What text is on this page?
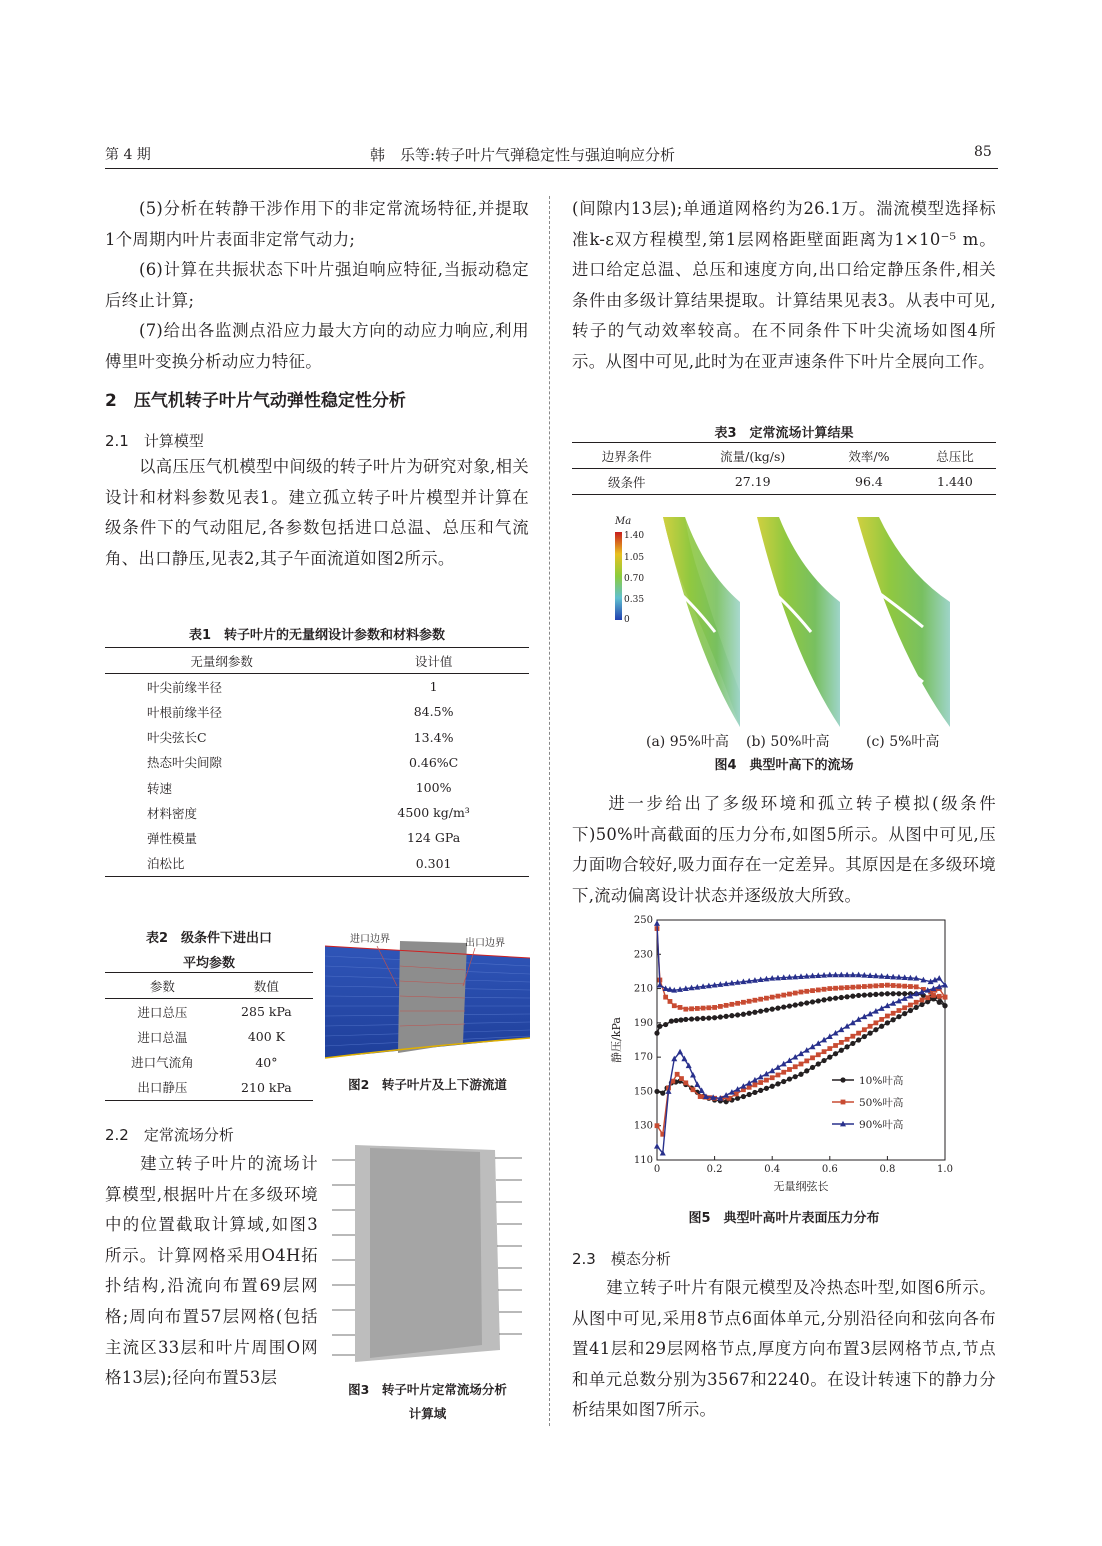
第 4 期	韩　乐等:转子叶片气弹稳定性与强迫响应分析	85
(5)分析在转静干涉作用下的非定常流场特征,并提取1个周期内叶片表面非定常气动力;
(6)计算在共振状态下叶片强迫响应特征,当振动稳定后终止计算;
(7)给出各监测点沿应力最大方向的动应力响应,利用傅里叶变换分析动应力特征。
2　压气机转子叶片气动弹性稳定性分析
2.1　计算模型
以高压压气机模型中间级的转子叶片为研究对象,相关设计和材料参数见表1。建立孤立转子叶片模型并计算在级条件下的气动阻尼,各参数包括进口总温、总压和气流角、出口静压,见表2,其子午面流道如图2所示。
表1　转子叶片的无量纲设计参数和材料参数
无量纲参数	设计值
叶尖前缘半径	1
叶根前缘半径	84.5%
叶尖弦长C	13.4%
热态叶尖间隙	0.46%C
转速	100%
材料密度	4500 kg/m³
弹性模量	124 GPa
泊松比	0.301
表2　级条件下进出口
平均参数
参数	数值
进口总压	285 kPa
进口总温	400 K
进口气流角	40°
出口静压	210 kPa
进口边界	出口边界
图2　转子叶片及上下游流道
2.2　定常流场分析
建立转子叶片的流场计算模型,根据叶片在多级环境中的位置截取计算域,如图3所示。计算网格采用O4H拓扑结构,沿流向布置69层网格;周向布置57层网格(包括主流区33层和叶片周围O网格13层);径向布置53层
图3　转子叶片定常流场分析
计算域
(间隙内13层);单通道网格约为26.1万。湍流模型选择标准k-ε双方程模型,第1层网格距壁面距离为1×10⁻⁵ m。进口给定总温、总压和速度方向,出口给定静压条件,相关条件由多级计算结果提取。计算结果见表3。从表中可见,转子的气动效率较高。在不同条件下叶尖流场如图4所示。从图中可见,此时为在亚声速条件下叶片全展向工作。
表3　定常流场计算结果
边界条件	流量/(kg/s)	效率/%	总压比
级条件	27.19	96.4	1.440
Ma
1.40
1.05
0.70
0.35
0
(a) 95%叶高 (b) 50%叶高	(c) 5%叶高
图4　典型叶高下的流场
进一步给出了多级环境和孤立转子模拟(级条件下)50%叶高截面的压力分布,如图5所示。从图中可见,压力面吻合较好,吸力面存在一定差异。其原因是在多级环境下,流动偏离设计状态并逐级放大所致。
110
130
150
170
190
210
230
250
0	0.2	0.4	0.6	0.8	1.0
无量纲弦长
静压/kPa
10%叶高
50%叶高
90%叶高
图5　典型叶高叶片表面压力分布
2.3　模态分析
建立转子叶片有限元模型及冷热态叶型,如图6所示。从图中可见,采用8节点6面体单元,分别沿径向和弦向各布置41层和29层网格节点,厚度方向布置3层网格节点,节点和单元总数分别为3567和2240。在设计转速下的静力分析结果如图7所示。
